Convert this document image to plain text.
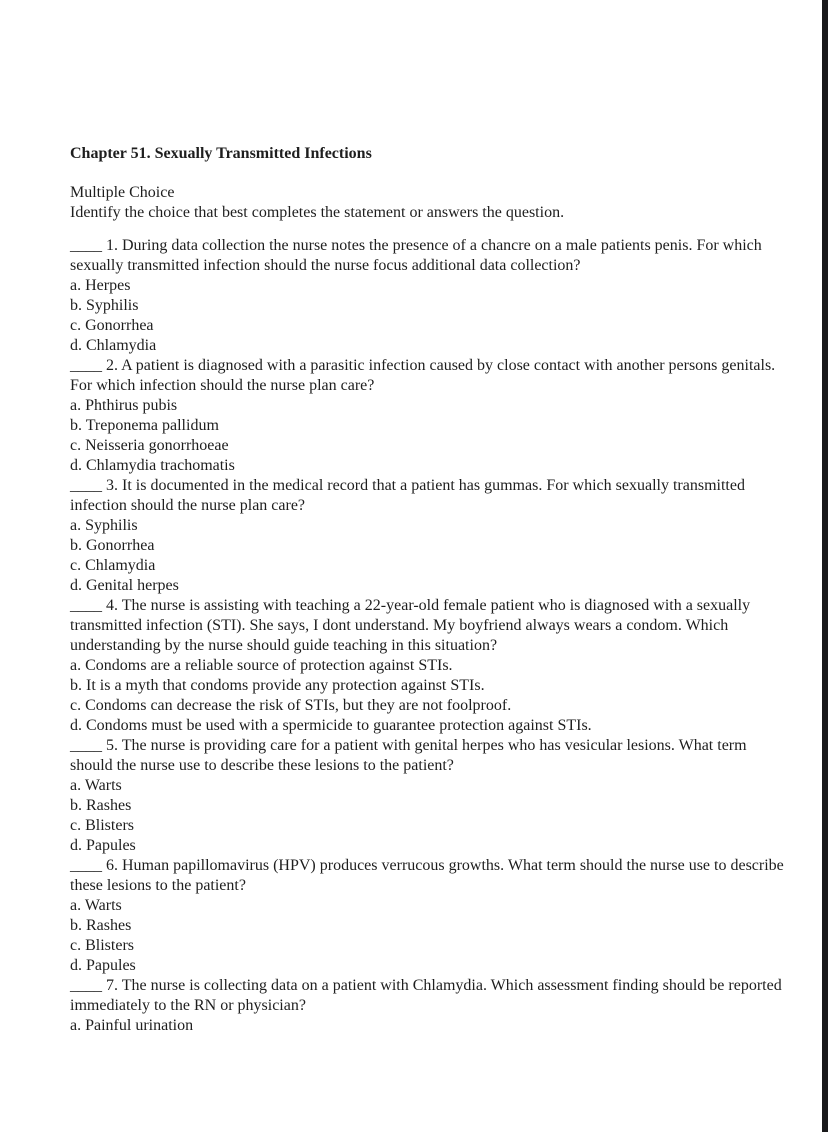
Chapter 51. Sexually Transmitted Infections

Multiple Choice

Identify the choice that best completes the statement or answers the question.

____ 1. During data collection the nurse notes the presence of a chancre on a male patients penis. For which sexually transmitted infection should the nurse focus additional data collection?

a. Herpes

b. Syphilis

c. Gonorrhea

d. Chlamydia

____ 2. A patient is diagnosed with a parasitic infection caused by close contact with another persons genitals. For which infection should the nurse plan care?

a. Phthirus pubis

b. Treponema pallidum

c. Neisseria gonorrhoeae

d. Chlamydia trachomatis

____ 3. It is documented in the medical record that a patient has gummas. For which sexually transmitted infection should the nurse plan care?

a. Syphilis

b. Gonorrhea

c. Chlamydia

d. Genital herpes

____ 4. The nurse is assisting with teaching a 22-year-old female patient who is diagnosed with a sexually transmitted infection (STI). She says, I dont understand. My boyfriend always wears a condom. Which understanding by the nurse should guide teaching in this situation?

a. Condoms are a reliable source of protection against STIs.

b. It is a myth that condoms provide any protection against STIs.

c. Condoms can decrease the risk of STIs, but they are not foolproof.

d. Condoms must be used with a spermicide to guarantee protection against STIs.

____ 5. The nurse is providing care for a patient with genital herpes who has vesicular lesions. What term should the nurse use to describe these lesions to the patient?

a. Warts

b. Rashes

c. Blisters

d. Papules

____ 6. Human papillomavirus (HPV) produces verrucous growths. What term should the nurse use to describe these lesions to the patient?

a. Warts

b. Rashes

c. Blisters

d. Papules

____ 7. The nurse is collecting data on a patient with Chlamydia. Which assessment finding should be reported immediately to the RN or physician?

a. Painful urination
